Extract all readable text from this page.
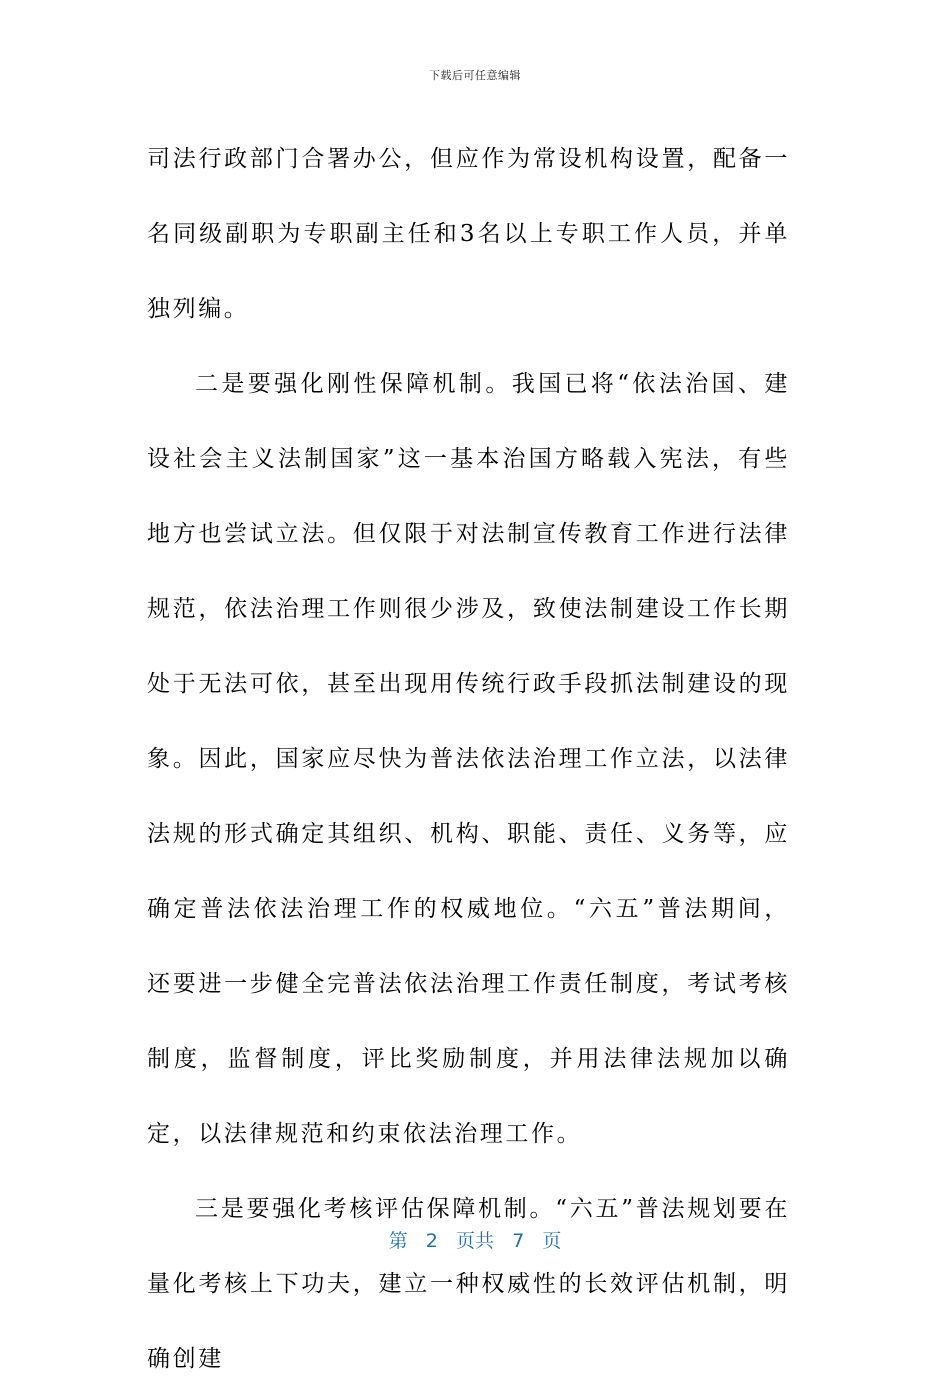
下载后可任意编辑

司法行政部门合署办公，但应作为常设机构设置，配备一名同级副职为专职副主任和3名以上专职工作人员，并单独列编。

二是要强化刚性保障机制。我国已将“依法治国、建设社会主义法制国家”这一基本治国方略载入宪法，有些地方也尝试立法。但仅限于对法制宣传教育工作进行法律规范，依法治理工作则很少涉及，致使法制建设工作长期处于无法可依，甚至出现用传统行政手段抓法制建设的现象。因此，国家应尽快为普法依法治理工作立法，以法律法规的形式确定其组织、机构、职能、责任、义务等，应确定普法依法治理工作的权威地位。“六五”普法期间，还要进一步健全完普法依法治理工作责任制度，考试考核制度，监督制度，评比奖励制度，并用法律法规加以确定，以法律规范和约束依法治理工作。

三是要强化考核评估保障机制。“六五”普法规划要在量化考核上下功夫，建立一种权威性的长效评估机制，明确创建

第 2 页共 7 页
